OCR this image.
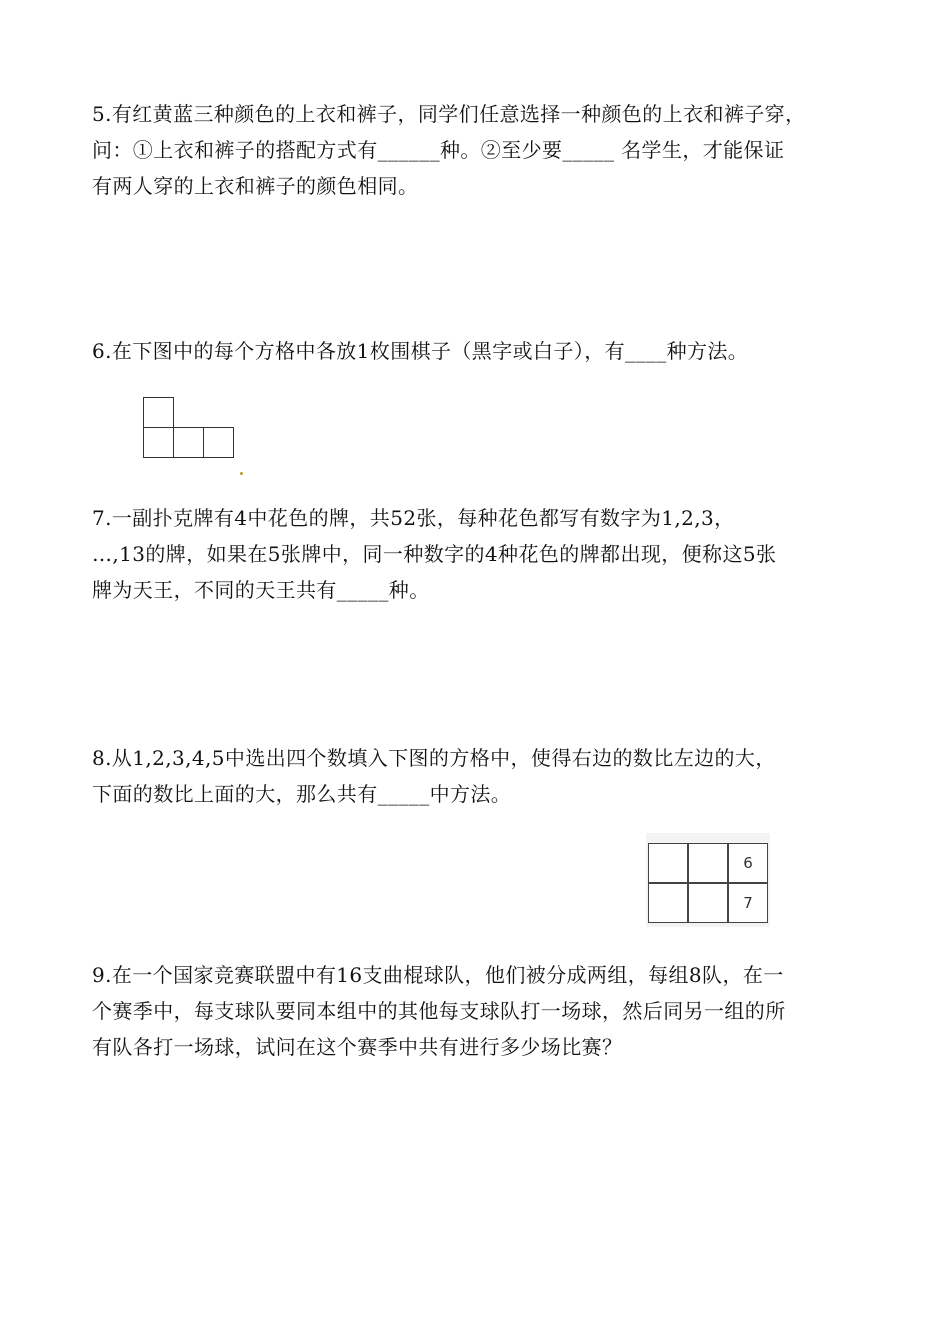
5.有红黄蓝三种颜色的上衣和裤子，同学们任意选择一种颜色的上衣和裤子穿，
问：①上衣和裤子的搭配方式有______种。②至少要_____ 名学生，才能保证
有两人穿的上衣和裤子的颜色相同。
6.在下图中的每个方格中各放1枚围棋子（黑字或白子），有____种方法。
7.一副扑克牌有4中花色的牌，共52张，每种花色都写有数字为1,2,3，
…,13的牌，如果在5张牌中，同一种数字的4种花色的牌都出现，便称这5张
牌为天王，不同的天王共有_____种。
8.从1,2,3,4,5中选出四个数填入下图的方格中，使得右边的数比左边的大，
下面的数比上面的大，那么共有_____中方法。
6
7
9.在一个国家竞赛联盟中有16支曲棍球队，他们被分成两组，每组8队，在一
个赛季中，每支球队要同本组中的其他每支球队打一场球，然后同另一组的所
有队各打一场球，试问在这个赛季中共有进行多少场比赛？
